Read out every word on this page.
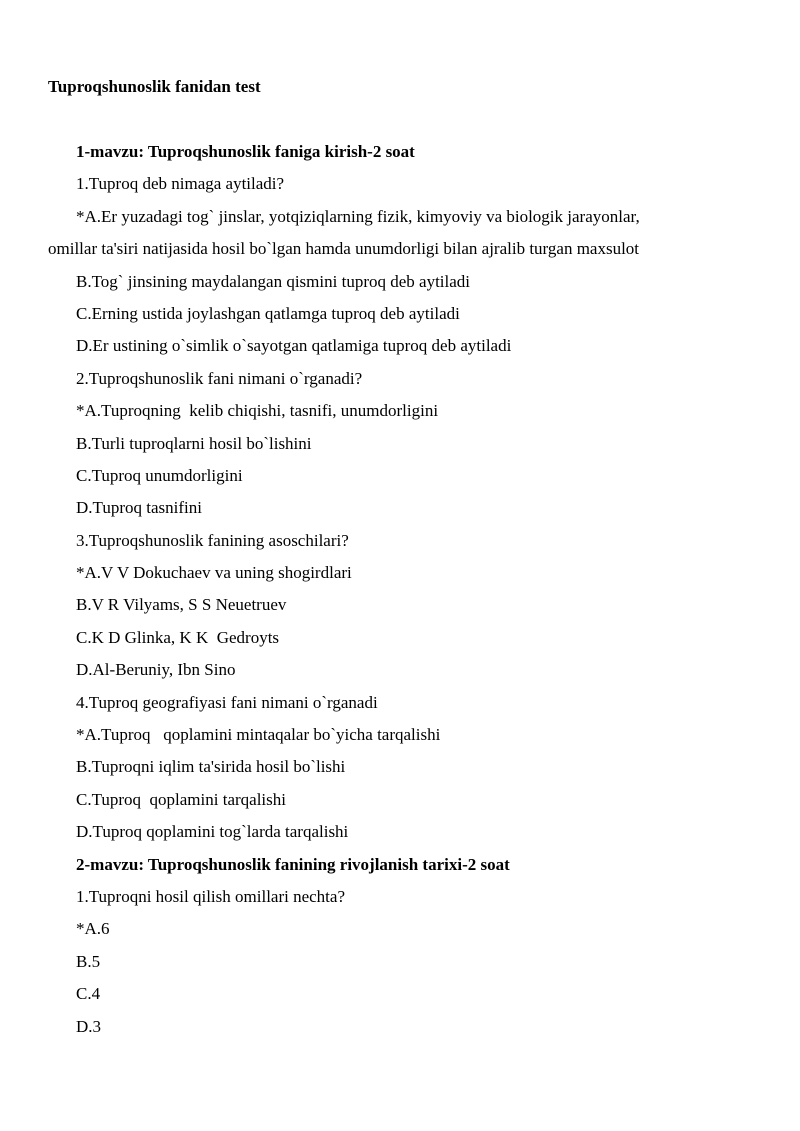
Tuproqshunoslik fanidan test
1-mavzu: Tuproqshunoslik faniga kirish-2 soat
1.Tuproq deb nimaga aytiladi?
*A.Er yuzadagi tog` jinslar, yotqiziqlarning fizik, kimyoviy va biologik jarayonlar,
omillar ta'siri natijasida hosil bo`lgan hamda unumdorligi bilan ajralib turgan maxsulot
B.Tog` jinsining maydalangan qismini tuproq deb aytiladi
C.Erning ustida joylashgan qatlamga tuproq deb aytiladi
D.Er ustining o`simlik o`sayotgan qatlamiga tuproq deb aytiladi
2.Tuproqshunoslik fani nimani o`rganadi?
*A.Tuproqning  kelib chiqishi, tasnifi, unumdorligini
B.Turli tuproqlarni hosil bo`lishini
C.Tuproq unumdorligini
D.Tuproq tasnifini
3.Tuproqshunoslik fanining asoschilari?
*A.V V Dokuchaev va uning shogirdlari
B.V R Vilyams, S S Neuetruev
C.K D Glinka, K K  Gedroyts
D.Al-Beruniy, Ibn Sino
4.Tuproq geografiyasi fani nimani o`rganadi
*A.Tuproq   qoplamini mintaqalar bo`yicha tarqalishi
B.Tuproqni iqlim ta'sirida hosil bo`lishi
C.Tuproq  qoplamini tarqalishi
D.Tuproq qoplamini tog`larda tarqalishi
2-mavzu: Tuproqshunoslik fanining rivojlanish tarixi-2 soat
1.Tuproqni hosil qilish omillari nechta?
*A.6
B.5
C.4
D.3
